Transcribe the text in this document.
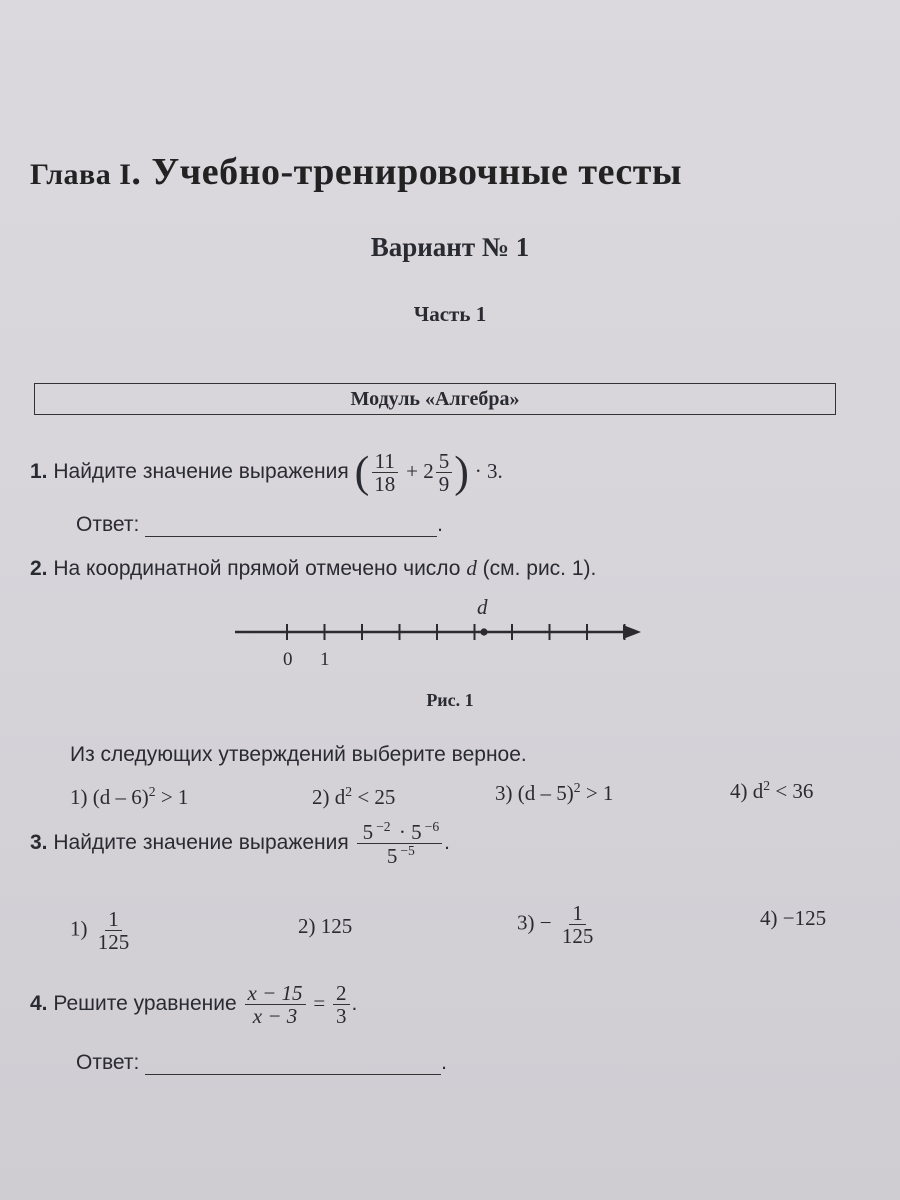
Глава I. Учебно-тренировочные тесты
Вариант № 1
Часть 1
Модуль «Алгебра»
1. Найдите значение выражения ( $\frac{11}{18} + 2 \frac{5}{9}$ ) · 3.
Ответ:	.
2. На координатной прямой отмечено число d (см. рис. 1).
d
0 1
Рис. 1
Из следующих утверждений выберите верное.
1) (d – 6)$^2$ > 1	2) $d^2 < 25$	3) (d – 5)$^2$ > 1	4) $d^2 < 36$
3. Найдите значение выражения $\frac{5 ^{-2} \cdot 5 ^{-6}}{5 ^{-5}}$ .
$1) \frac{1}{125}$	2) 125	$3) - \frac{1}{125}$	4) −125
4. Решите уравнение $\frac{x - 15}{x - 3} = \frac{2}{3}$ .
Ответ:	.
